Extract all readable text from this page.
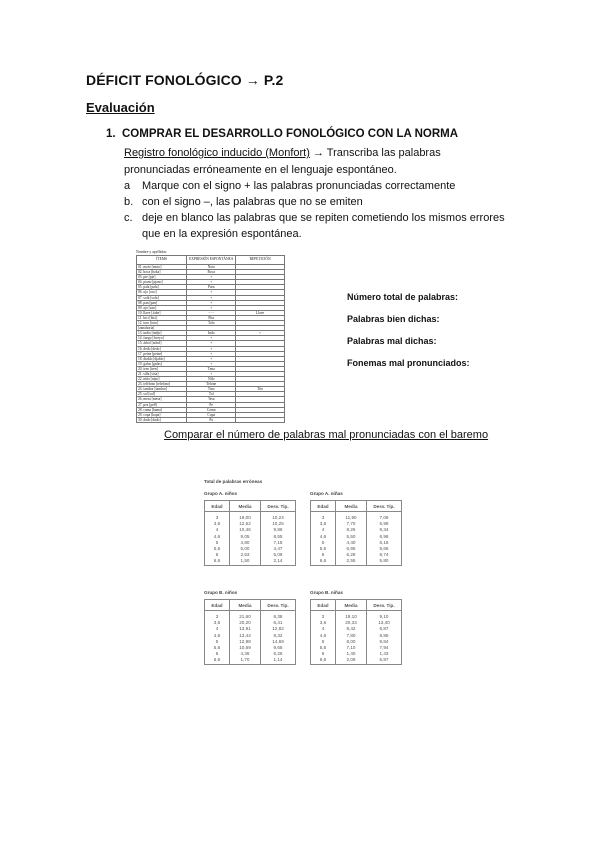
DÉFICIT FONOLÓGICO → P.2
Evaluación
1. COMPRAR EL DESARROLLO FONOLÓGICO CON LA NORMA
Registro fonológico inducido (Monfort) → Transcriba las palabras
pronunciadas erróneamente en el lenguaje espontáneo.
a	Marque con el signo + las palabras pronunciadas correctamente
b. con el signo –, las palabras que no se emiten
c. deje en blanco las palabras que se repiten cometiendo los mismos errores que en la expresión espontánea.
Nombre y apellidos:
ÍTEMS	EXPRESIÓN ESPONTÁNEA	REPETICIÓN
01. moto [moto]	Nota	
02. boca [boka]	Boca	
03. pie [pje]	+	
04. piano [pjano]	+	
05. pala [pala]	Para	
06. ojo [oxo]	+	
07. sofá [sofa]	+	
08. pan [pan]	+	
09. ajo [axo]	+	
10. llave [ʎabe]	- - -	Llave
11. bici [bici]	Pita	
12. toro [toro]	Tolo	
[zanahoria]		
13. indio [indjo]	Indo	+
14. fuego [fweyo]	+	
15. árbol [arbol]	+	
16. dedo [dedo]	+	
17. peine [peine]	+	
18. diablo [djablo]	+	
19. gafas [gafas]	+	
20. tren [tren]	Tena	
21. silla [siʎa]	+	
22. niño [niɲo]	Nilo	
23. teléfono [telefono]	Telone	
24. tambor [tambor]	Tino	Tito
25. sol [sol]	Tol	
26. mesa [mesa]	Tesa	
27. pez [peθ]	Pe	
28. cama [kama]	Coma	
29. copa [kopa]	Copa	
30. dado [dado]	Pa	
Número total de palabras:
Palabras bien dichas:
Palabras mal dichas:
Fonemas mal pronunciados:
Comparar el número de palabras mal pronunciadas con el baremo
Total de palabras erróneas
Grupo A. niños
Edad	Media	Desv. Tip.
3	18,00	10,24
3,6	12,52	10,25
4	10,46	9,86
4,6	9,05	8,55
5	4,80	7,15
5,6	5,00	4,47
6	2,63	5,09
6,6	1,50	2,14
Grupo A. niñas
Edad	Media	Desv. Tip.
3	11,90	7,09
3,6	7,70	6,98
4	8,26	9,34
4,6	5,50	6,98
5	4,40	6,16
5,6	6,95	9,66
6	6,28	8,74
6,6	2,55	5,80
Grupo B. niños
Edad	Media	Desv. Tip.
3	21,60	6,38
3,6	20,20	6,41
4	13,91	12,82
4,6	13,44	8,32
5	12,98	14,69
5,6	10,69	9,65
6	4,36	6,26
6,6	1,70	1,14
Grupo B. niñas
Edad	Media	Desv. Tip.
3	19,10	9,10
3,6	20,33	13,40
4	8,42	6,87
4,6	7,80	8,85
5	8,00	9,84
5,6	7,10	7,94
6	1,40	1,43
6,6	2,09	5,87
